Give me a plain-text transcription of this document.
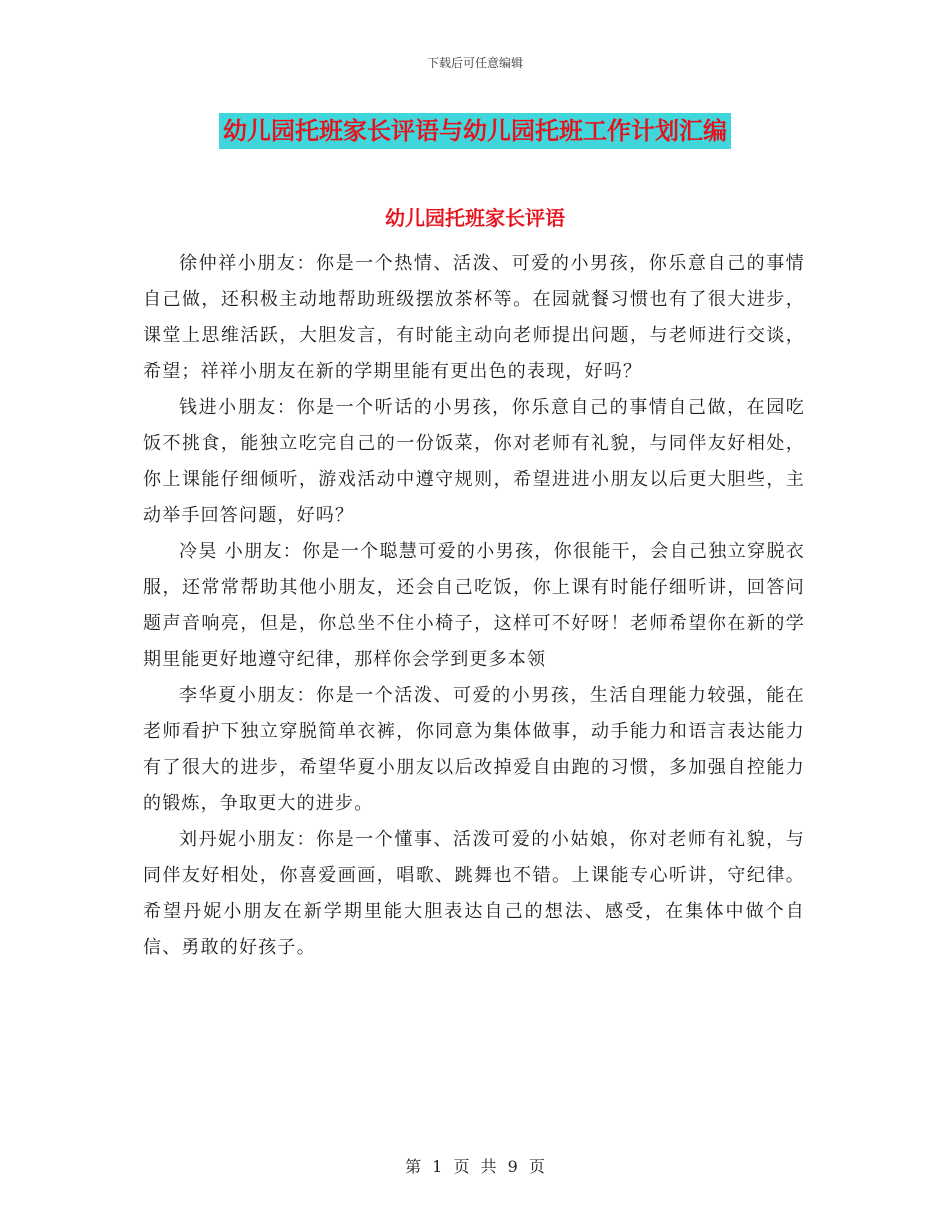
下载后可任意编辑
幼儿园托班家长评语与幼儿园托班工作计划汇编
幼儿园托班家长评语

徐仲祥小朋友：你是一个热情、活泼、可爱的小男孩，你乐意自己的事情自己做，还积极主动地帮助班级摆放茶杯等。在园就餐习惯也有了很大进步，课堂上思维活跃，大胆发言，有时能主动向老师提出问题，与老师进行交谈，希望；祥祥小朋友在新的学期里能有更出色的表现，好吗？

钱进小朋友：你是一个听话的小男孩，你乐意自己的事情自己做，在园吃饭不挑食，能独立吃完自己的一份饭菜，你对老师有礼貌，与同伴友好相处，你上课能仔细倾听，游戏活动中遵守规则，希望进进小朋友以后更大胆些，主动举手回答问题，好吗？

冷昊 小朋友：你是一个聪慧可爱的小男孩，你很能干，会自己独立穿脱衣服，还常常帮助其他小朋友，还会自己吃饭，你上课有时能仔细听讲，回答问题声音响亮，但是，你总坐不住小椅子，这样可不好呀！老师希望你在新的学期里能更好地遵守纪律，那样你会学到更多本领

李华夏小朋友：你是一个活泼、可爱的小男孩，生活自理能力较强，能在老师看护下独立穿脱简单衣裤，你同意为集体做事，动手能力和语言表达能力有了很大的进步，希望华夏小朋友以后改掉爱自由跑的习惯，多加强自控能力的锻炼，争取更大的进步。

刘丹妮小朋友：你是一个懂事、活泼可爱的小姑娘，你对老师有礼貌，与同伴友好相处，你喜爱画画，唱歌、跳舞也不错。上课能专心听讲，守纪律。希望丹妮小朋友在新学期里能大胆表达自己的想法、感受，在集体中做个自信、勇敢的好孩子。

第 1 页 共 9 页
